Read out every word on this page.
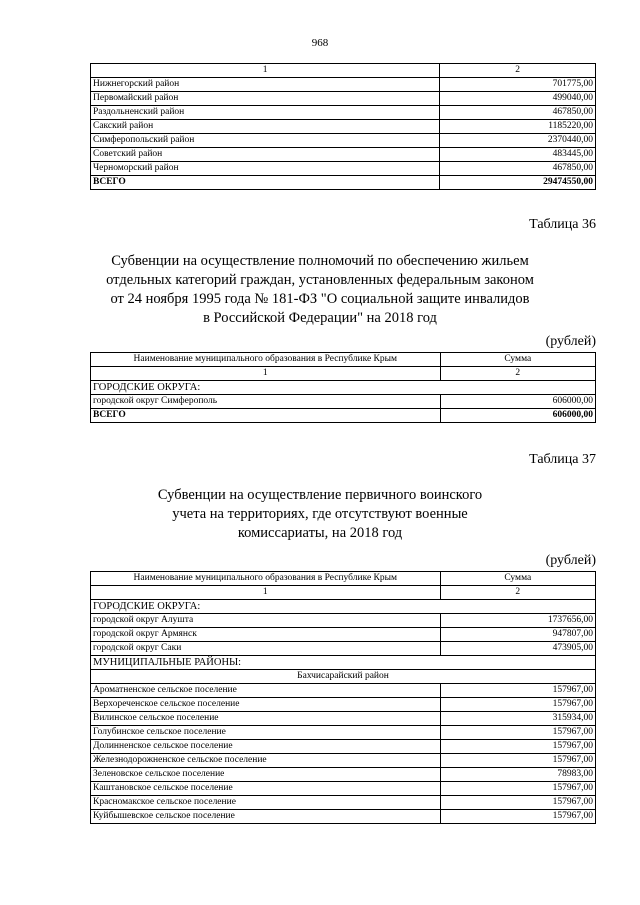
968
1	2
Нижнегорский район	701775,00
Первомайский район	499040,00
Раздольненский район	467850,00
Сакский район	1185220,00
Симферопольский район	2370440,00
Советский район	483445,00
Черноморский район	467850,00
ВСЕГО	29474550,00
Таблица 36
Субвенции на осуществление полномочий по обеспечению жильем
отдельных категорий граждан, установленных федеральным законом
от 24 ноября 1995 года № 181-ФЗ "О социальной защите инвалидов
в Российской Федерации" на 2018 год
(рублей)
Наименование муниципального образования в Республике Крым	Сумма
1	2
ГОРОДСКИЕ ОКРУГА:	
городской округ Симферополь	606000,00
ВСЕГО	606000,00
Таблица 37
Субвенции на осуществление первичного воинского
учета на территориях, где отсутствуют военные
комиссариаты, на 2018 год
(рублей)
Наименование муниципального образования в Республике Крым	Сумма
1	2
ГОРОДСКИЕ ОКРУГА:	
городской округ Алушта	1737656,00
городской округ Армянск	947807,00
городской округ Саки	473905,00
МУНИЦИПАЛЬНЫЕ РАЙОНЫ:	
Бахчисарайский район	
Ароматненское сельское поселение	157967,00
Верхореченское сельское поселение	157967,00
Вилинское сельское поселение	315934,00
Голубинское сельское поселение	157967,00
Долинненское сельское поселение	157967,00
Железнодорожненское сельское поселение	157967,00
Зеленовское сельское поселение	78983,00
Каштановское сельское поселение	157967,00
Красномакское сельское поселение	157967,00
Куйбышевское сельское поселение	157967,00
